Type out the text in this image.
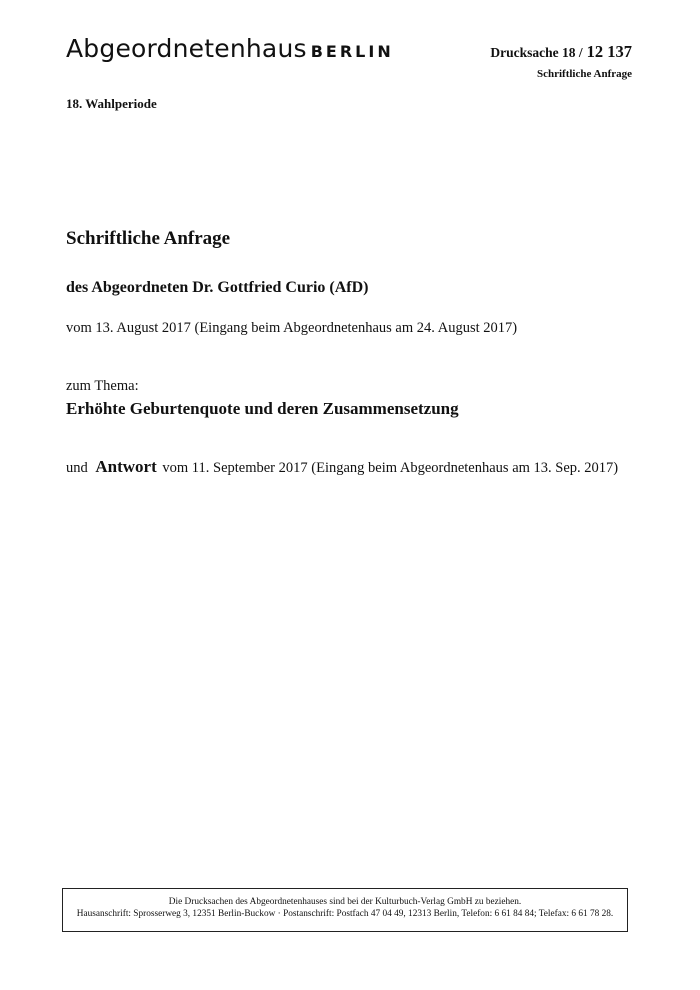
Abgeordnetenhaus BERLIN	Drucksache 18 / 12 137
Schriftliche Anfrage
18. Wahlperiode
Schriftliche Anfrage
des Abgeordneten Dr. Gottfried Curio (AfD)
vom 13. August 2017 (Eingang beim Abgeordnetenhaus am 24. August 2017)
zum Thema:
Erhöhte Geburtenquote und deren Zusammensetzung
und Antwort vom 11. September 2017 (Eingang beim Abgeordnetenhaus am 13. Sep. 2017)
Die Drucksachen des Abgeordnetenhauses sind bei der Kulturbuch-Verlag GmbH zu beziehen.
Hausanschrift: Sprosserweg 3, 12351 Berlin-Buckow · Postanschrift: Postfach 47 04 49, 12313 Berlin, Telefon: 6 61 84 84; Telefax: 6 61 78 28.
